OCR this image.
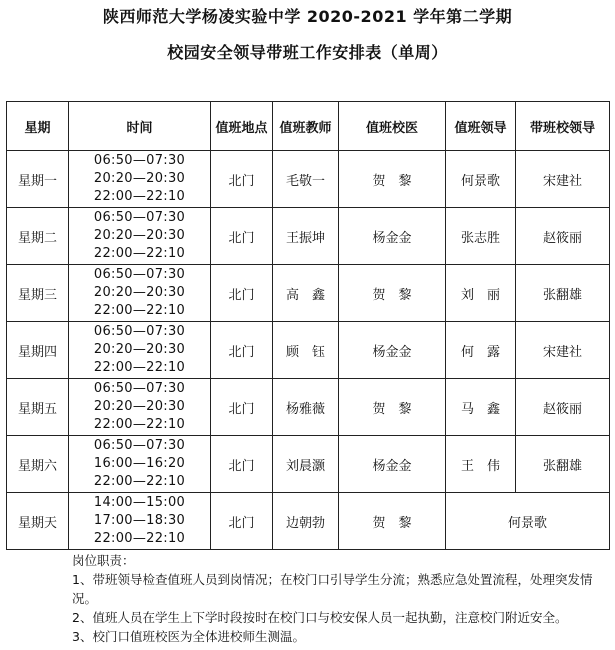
陕西师范大学杨凌实验中学 2020-2021 学年第二学期
校园安全领导带班工作安排表（单周）
星期	时间	值班地点	值班教师	值班校医	值班领导	带班校领导
星期一	06:50—07:30
20:20—20:30
22:00—22:10	北门	毛敬一	贺　黎	何景歌	宋建社
星期二	06:50—07:30
20:20—20:30
22:00—22:10	北门	王振坤	杨金金	张志胜	赵筱丽
星期三	06:50—07:30
20:20—20:30
22:00—22:10	北门	高　鑫	贺　黎	刘　丽	张翻雄
星期四	06:50—07:30
20:20—20:30
22:00—22:10	北门	顾　钰	杨金金	何　露	宋建社
星期五	06:50—07:30
20:20—20:30
22:00—22:10	北门	杨雅薇	贺　黎	马　鑫	赵筱丽
星期六	06:50—07:30
16:00—16:20
22:00—22:10	北门	刘晨灏	杨金金	王　伟	张翻雄
星期天	14:00—15:00
17:00—18:30
22:00—22:10	北门	边朝勃	贺　黎	何景歌	
岗位职责：
1、带班领导检查值班人员到岗情况；在校门口引导学生分流；熟悉应急处置流程，处理突发情况。
2、值班人员在学生上下学时段按时在校门口与校安保人员一起执勤，注意校门附近安全。
3、校门口值班校医为全体进校师生测温。
